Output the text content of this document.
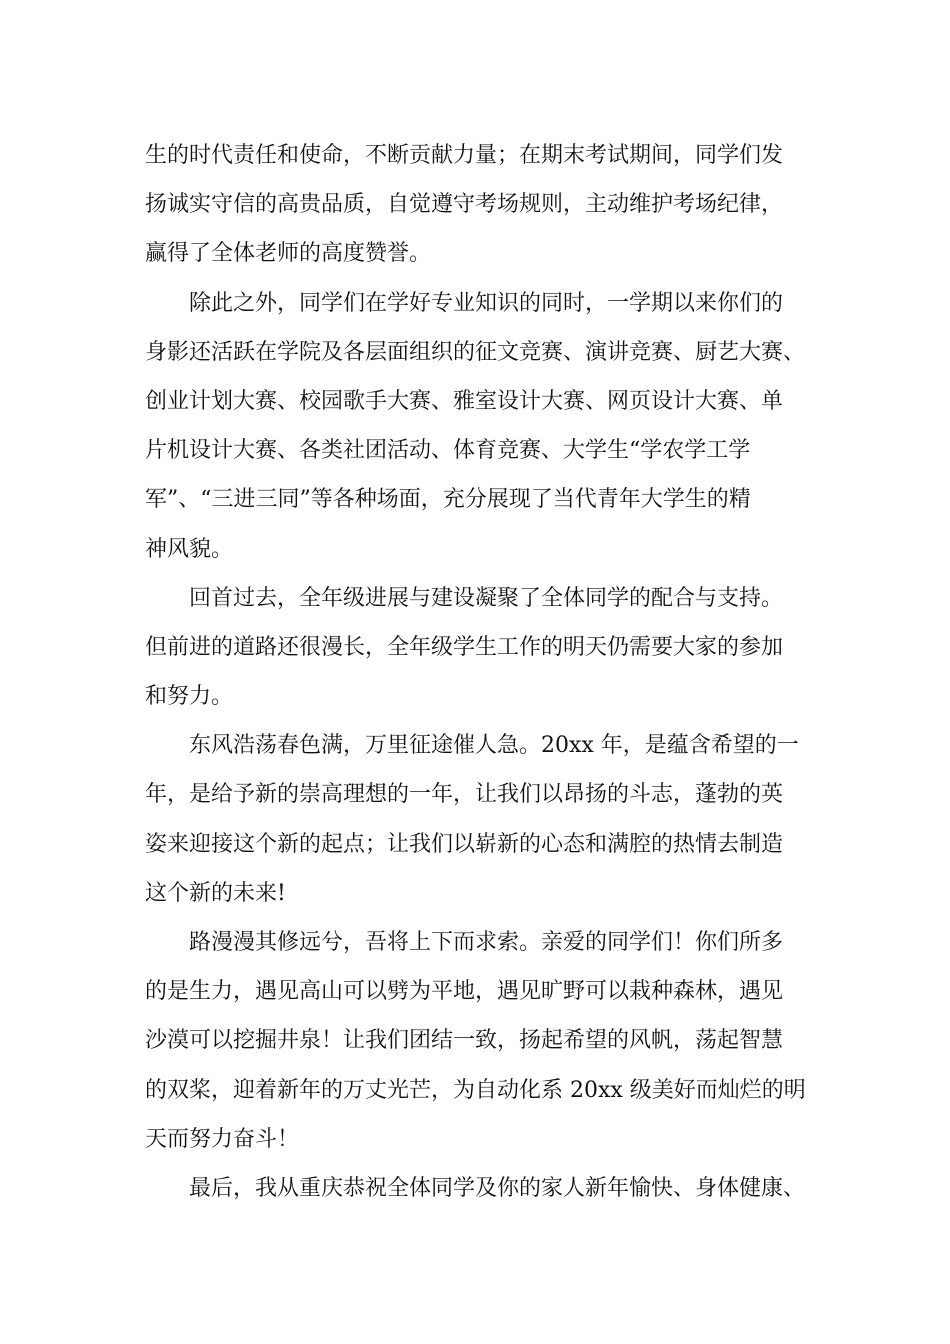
生的时代责任和使命，不断贡献力量；在期末考试期间，同学们发
扬诚实守信的高贵品质，自觉遵守考场规则，主动维护考场纪律，
赢得了全体老师的高度赞誉。
除此之外，同学们在学好专业知识的同时，一学期以来你们的
身影还活跃在学院及各层面组织的征文竞赛、演讲竞赛、厨艺大赛、
创业计划大赛、校园歌手大赛、雅室设计大赛、网页设计大赛、单
片机设计大赛、各类社团活动、体育竞赛、大学生“学农学工学
军”、“三进三同”等各种场面，充分展现了当代青年大学生的精
神风貌。
回首过去，全年级进展与建设凝聚了全体同学的配合与支持。
但前进的道路还很漫长，全年级学生工作的明天仍需要大家的参加
和努力。
东风浩荡春色满，万里征途催人急。20xx 年，是蕴含希望的一
年，是给予新的崇高理想的一年，让我们以昂扬的斗志，蓬勃的英
姿来迎接这个新的起点；让我们以崭新的心态和满腔的热情去制造
这个新的未来!
路漫漫其修远兮，吾将上下而求索。亲爱的同学们！你们所多
的是生力，遇见高山可以劈为平地，遇见旷野可以栽种森林，遇见
沙漠可以挖掘井泉！让我们团结一致，扬起希望的风帆，荡起智慧
的双桨，迎着新年的万丈光芒，为自动化系 20xx 级美好而灿烂的明
天而努力奋斗！
最后，我从重庆恭祝全体同学及你的家人新年愉快、身体健康、
